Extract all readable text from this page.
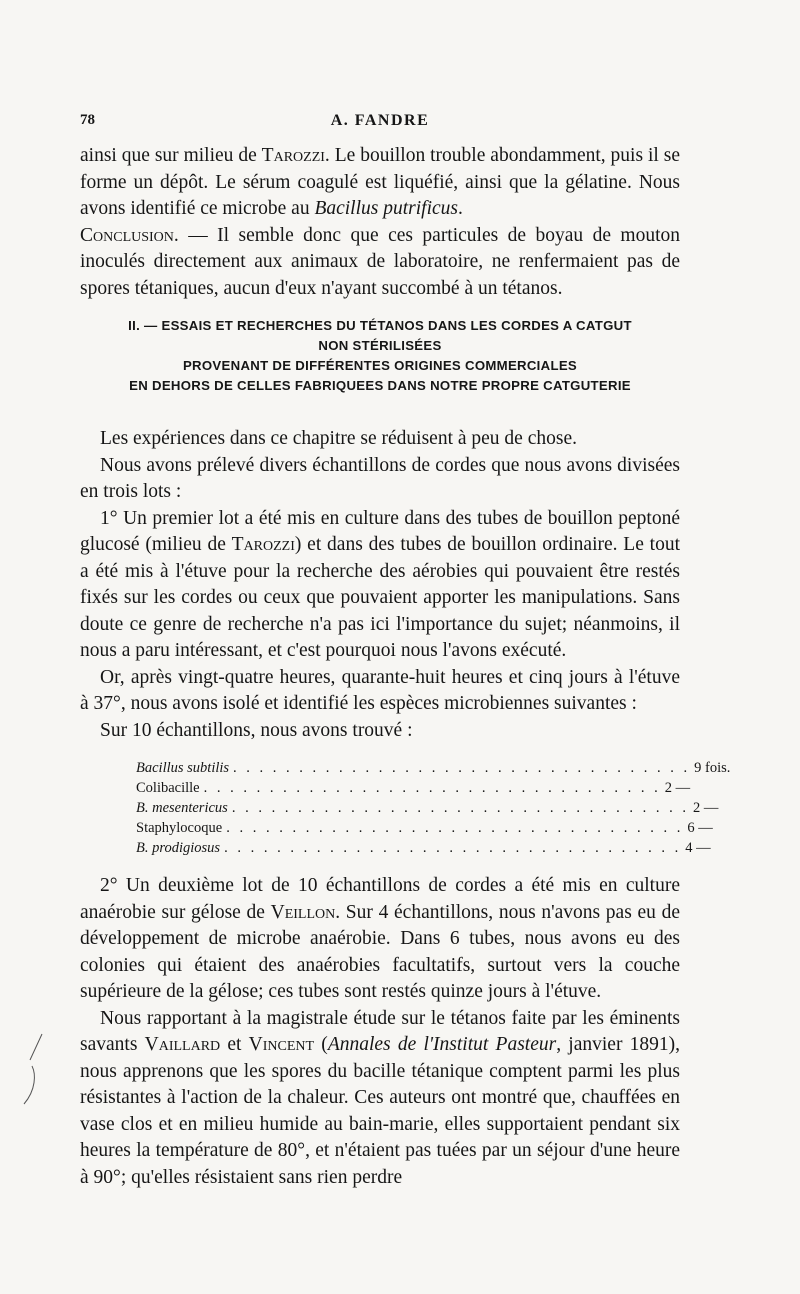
78	A. FANDRE

ainsi que sur milieu de Tarozzi. Le bouillon trouble abondamment, puis il se forme un dépôt. Le sérum coagulé est liquéfié, ainsi que la gélatine. Nous avons identifié ce microbe au Bacillus putrificus.

Conclusion. — Il semble donc que ces particules de boyau de mouton inoculés directement aux animaux de laboratoire, ne renfermaient pas de spores tétaniques, aucun d'eux n'ayant succombé à un tétanos.

II. — ESSAIS ET RECHERCHES DU TÉTANOS DANS LES CORDES A CATGUT
NON STÉRILISÉES
PROVENANT DE DIFFÉRENTES ORIGINES COMMERCIALES
EN DEHORS DE CELLES FABRIQUEES DANS NOTRE PROPRE CATGUTERIE

Les expériences dans ce chapitre se réduisent à peu de chose.

Nous avons prélevé divers échantillons de cordes que nous avons divisées en trois lots :

1° Un premier lot a été mis en culture dans des tubes de bouillon peptoné glucosé (milieu de Tarozzi) et dans des tubes de bouillon ordinaire. Le tout a été mis à l'étuve pour la recherche des aérobies qui pouvaient être restés fixés sur les cordes ou ceux que pouvaient apporter les manipulations. Sans doute ce genre de recherche n'a pas ici l'importance du sujet; néanmoins, il nous a paru intéressant, et c'est pourquoi nous l'avons exécuté.

Or, après vingt-quatre heures, quarante-huit heures et cinq jours à l'étuve à 37°, nous avons isolé et identifié les espèces microbiennes suivantes :

Sur 10 échantillons, nous avons trouvé :

Bacillus subtilis . . . . . . . . . . . . . . . . . . . . . . . . . . . . . . . . . . . 9 fois.
Colibacille . . . . . . . . . . . . . . . . . . . . . . . . . . . . . . . . . . . 2 —
B. mesentericus . . . . . . . . . . . . . . . . . . . . . . . . . . . . . . . . . . . 2 —
Staphylocoque . . . . . . . . . . . . . . . . . . . . . . . . . . . . . . . . . . . 6 —
B. prodigiosus . . . . . . . . . . . . . . . . . . . . . . . . . . . . . . . . . . . 4 —

2° Un deuxième lot de 10 échantillons de cordes a été mis en culture anaérobie sur gélose de Veillon. Sur 4 échantillons, nous n'avons pas eu de développement de microbe anaérobie. Dans 6 tubes, nous avons eu des colonies qui étaient des anaérobies facultatifs, surtout vers la couche supérieure de la gélose; ces tubes sont restés quinze jours à l'étuve.

Nous rapportant à la magistrale étude sur le tétanos faite par les éminents savants Vaillard et Vincent (Annales de l'Institut Pasteur, janvier 1891), nous apprenons que les spores du bacille tétanique comptent parmi les plus résistantes à l'action de la chaleur. Ces auteurs ont montré que, chauffées en vase clos et en milieu humide au bain-marie, elles supportaient pendant six heures la température de 80°, et n'étaient pas tuées par un séjour d'une heure à 90°; qu'elles résistaient sans rien perdre
